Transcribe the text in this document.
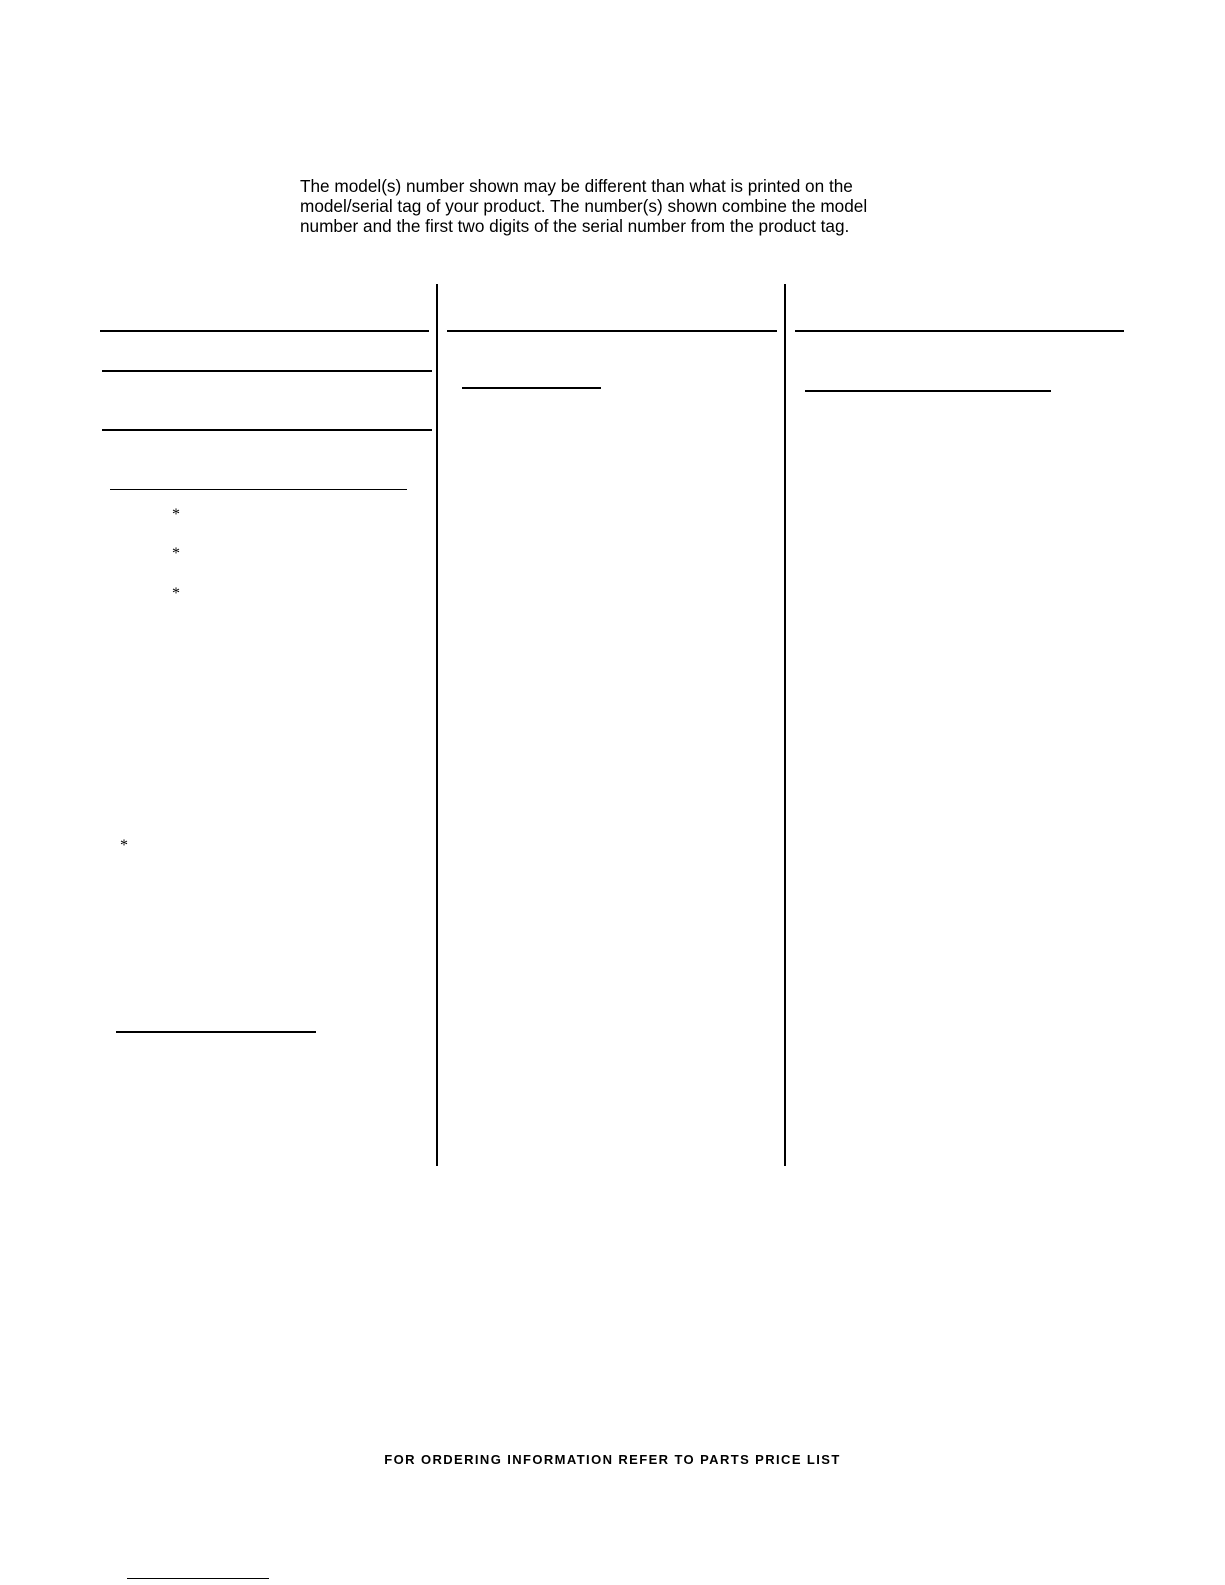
The model(s) number shown may be different than what is printed on the
model/serial tag of your product. The number(s) shown combine the model
number and the first two digits of the serial number from the product tag.
*
*
*
*
FOR ORDERING INFORMATION REFER TO PARTS PRICE LIST
